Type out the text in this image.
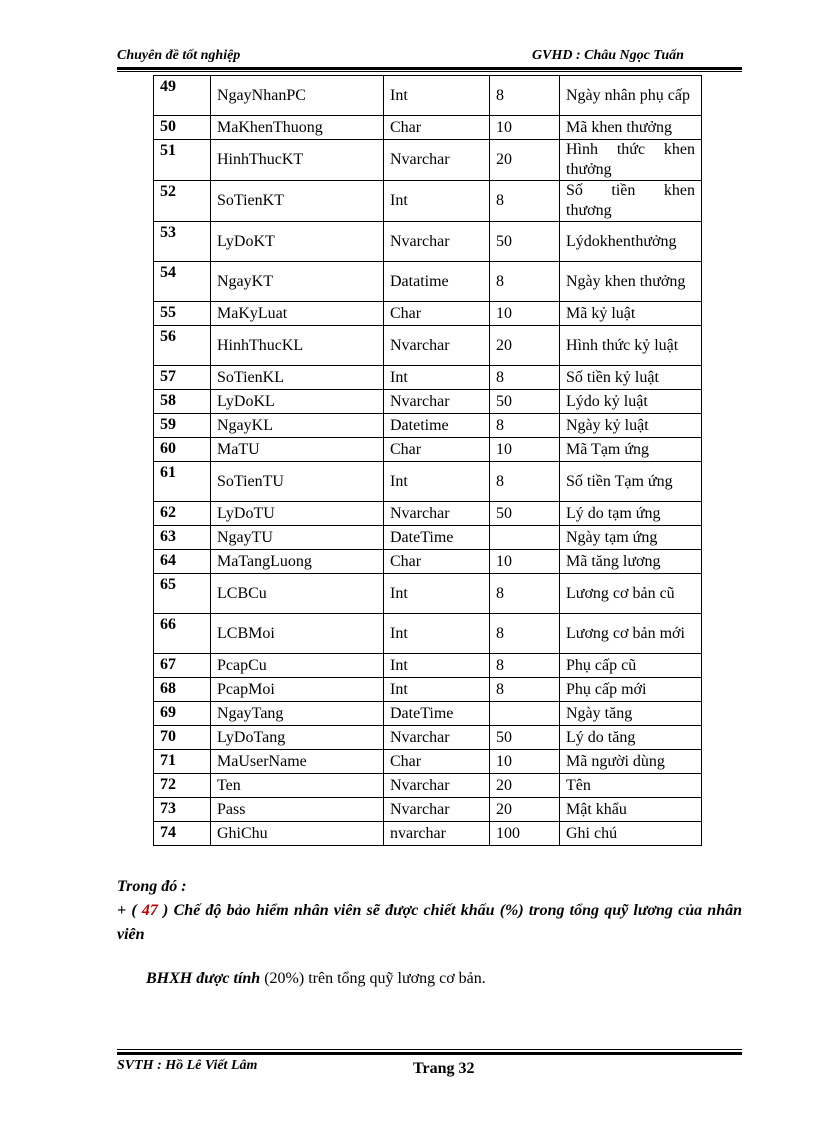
Chuyên đề tốt nghiệp	GVHD : Châu Ngọc Tuấn
49	NgayNhanPC	Int	8	Ngày nhân phụ cấp
50	MaKhenThuong	Char	10	Mã khen thưởng
51	HinhThucKT	Nvarchar	20	Hình thức khen thưởng
52	SoTienKT	Int	8	Số tiền khen thương
53	LyDoKT	Nvarchar	50	Lýdokhenthưởng
54	NgayKT	Datatime	8	Ngày khen thưởng
55	MaKyLuat	Char	10	Mã kỷ luật
56	HinhThucKL	Nvarchar	20	Hình thức kỷ luật
57	SoTienKL	Int	8	Số tiền kỷ luật
58	LyDoKL	Nvarchar	50	Lýdo kỷ luật
59	NgayKL	Datetime	8	Ngày kỷ luật
60	MaTU	Char	10	Mã Tạm ứng
61	SoTienTU	Int	8	Số tiền Tạm ứng
62	LyDoTU	Nvarchar	50	Lý do tạm ứng
63	NgayTU	DateTime		Ngày tạm ứng
64	MaTangLuong	Char	10	Mã tăng lương
65	LCBCu	Int	8	Lương cơ bản cũ
66	LCBMoi	Int	8	Lương cơ bản mới
67	PcapCu	Int	8	Phụ cấp cũ
68	PcapMoi	Int	8	Phụ cấp mới
69	NgayTang	DateTime		Ngày tăng
70	LyDoTang	Nvarchar	50	Lý do tăng
71	MaUserName	Char	10	Mã người dùng
72	Ten	Nvarchar	20	Tên
73	Pass	Nvarchar	20	Mật khẩu
74	GhiChu	nvarchar	100	Ghi chú
Trong đó :
+ ( 47 ) Chế độ bảo hiểm nhân viên sẽ được chiết khấu (%) trong tổng quỹ lương của nhân viên
BHXH được tính (20%) trên tổng quỹ lương cơ bản.
SVTH : Hồ Lê Viết Lâm	Trang 32
